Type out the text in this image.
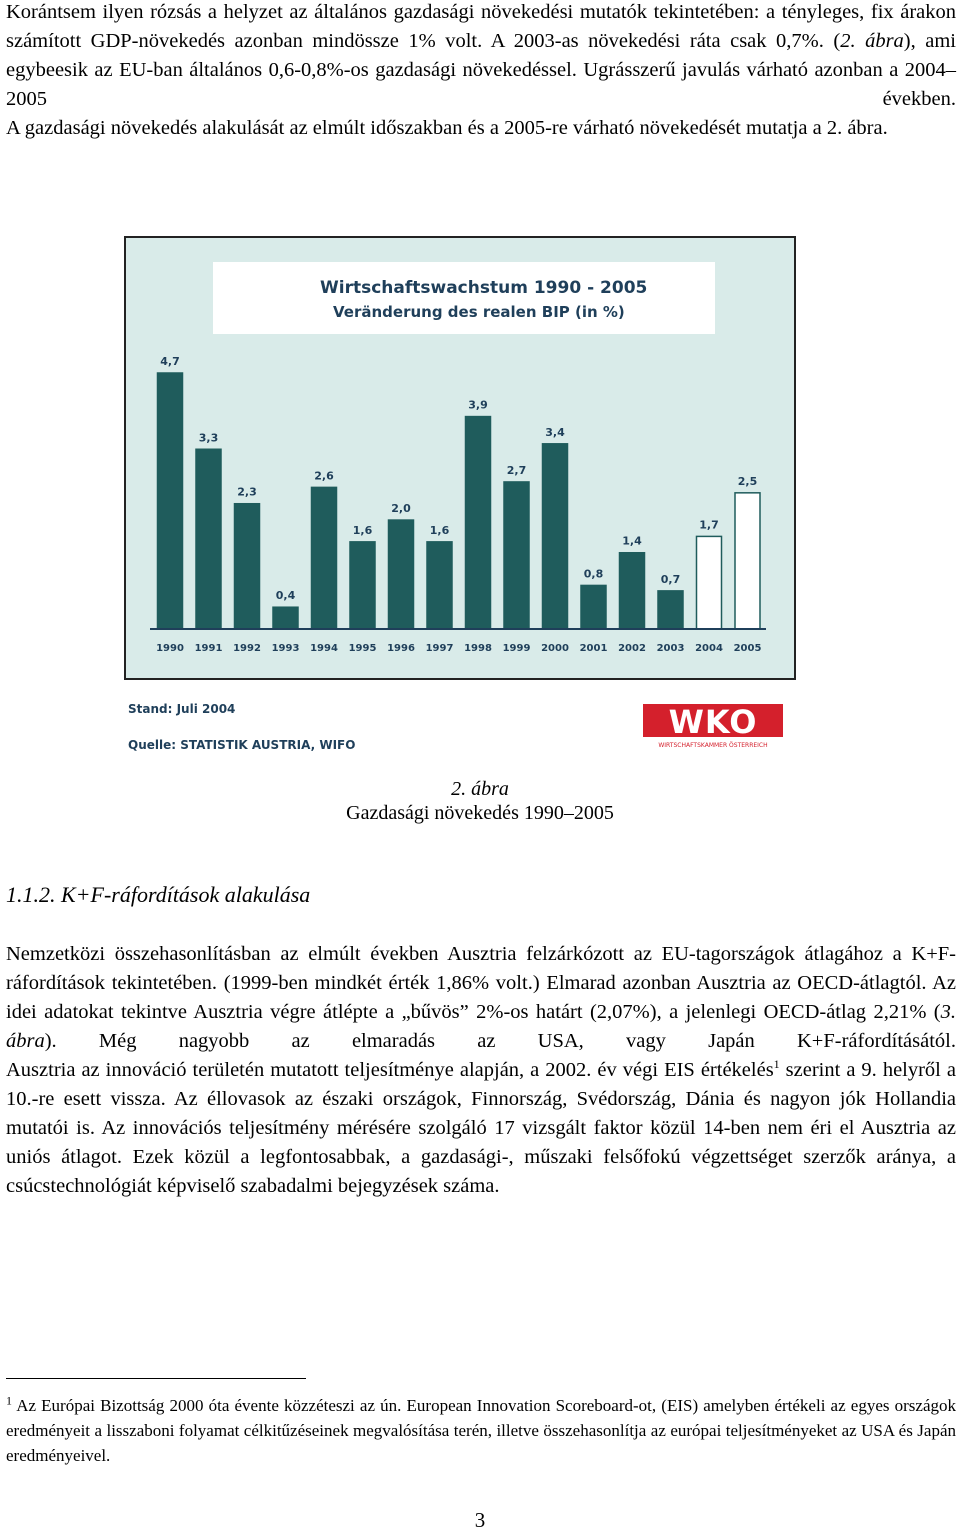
Korántsem ilyen rózsás a helyzet az általános gazdasági növekedési mutatók tekintetében: a tényleges, fix árakon számított GDP-növekedés azonban mindössze 1% volt. A 2003-as növekedési ráta csak 0,7%. (2. ábra), ami egybeesik az EU-ban általános 0,6-0,8%-os gazdasági növekedéssel. Ugrásszerű javulás várható azonban a 2004–2005 években.

A gazdasági növekedés alakulását az elmúlt időszakban és a 2005-re várható növekedését mutatja a 2. ábra.

Wirtschaftswachstum 1990 - 2005
Veränderung des realen BIP (in %)
4,7
1990
3,3
1991
2,3
1992
0,4
1993
2,6
1994
1,6
1995
2,0
1996
1,6
1997
3,9
1998
2,7
1999
3,4
2000
0,8
2001
1,4
2002
0,7
2003
1,7
2004
2,5
2005
Stand: Juli 2004
Quelle: STATISTIK AUSTRIA, WIFO
WKO
WIRTSCHAFTSKAMMER ÖSTERREICH
2. ábra
Gazdasági növekedés 1990–2005
1.1.2. K+F-ráfordítások alakulása

Nemzetközi összehasonlításban az elmúlt években Ausztria felzárkózott az EU-tagországok átlagához a K+F-ráfordítások tekintetében. (1999-ben mindkét érték 1,86% volt.) Elmarad azonban Ausztria az OECD-átlagtól. Az idei adatokat tekintve Ausztria végre átlépte a „bűvös” 2%-os határt (2,07%), a jelenlegi OECD-átlag 2,21% (3. ábra). Még nagyobb az elmaradás az USA, vagy Japán K+F-ráfordításától.

Ausztria az innováció területén mutatott teljesítménye alapján, a 2002. év végi EIS értékelés$^1$ szerint a 9. helyről a 10.-re esett vissza. Az éllovasok az északi országok, Finnország, Svédország, Dánia és nagyon jók Hollandia mutatói is. Az innovációs teljesítmény mérésére szolgáló 17 vizsgált faktor közül 14-ben nem éri el Ausztria az uniós átlagot. Ezek közül a legfontosabbak, a gazdasági-, műszaki felsőfokú végzettséget szerzők aránya, a csúcstechnológiát képviselő szabadalmi bejegyzések száma.

$^1$ Az Európai Bizottság 2000 óta évente közzéteszi az ún. European Innovation Scoreboard-ot, (EIS) amelyben értékeli az egyes országok eredményeit a lisszaboni folyamat célkitűzéseinek megvalósítása terén, illetve összehasonlítja az európai teljesítményeket az USA és Japán eredményeivel.
3
